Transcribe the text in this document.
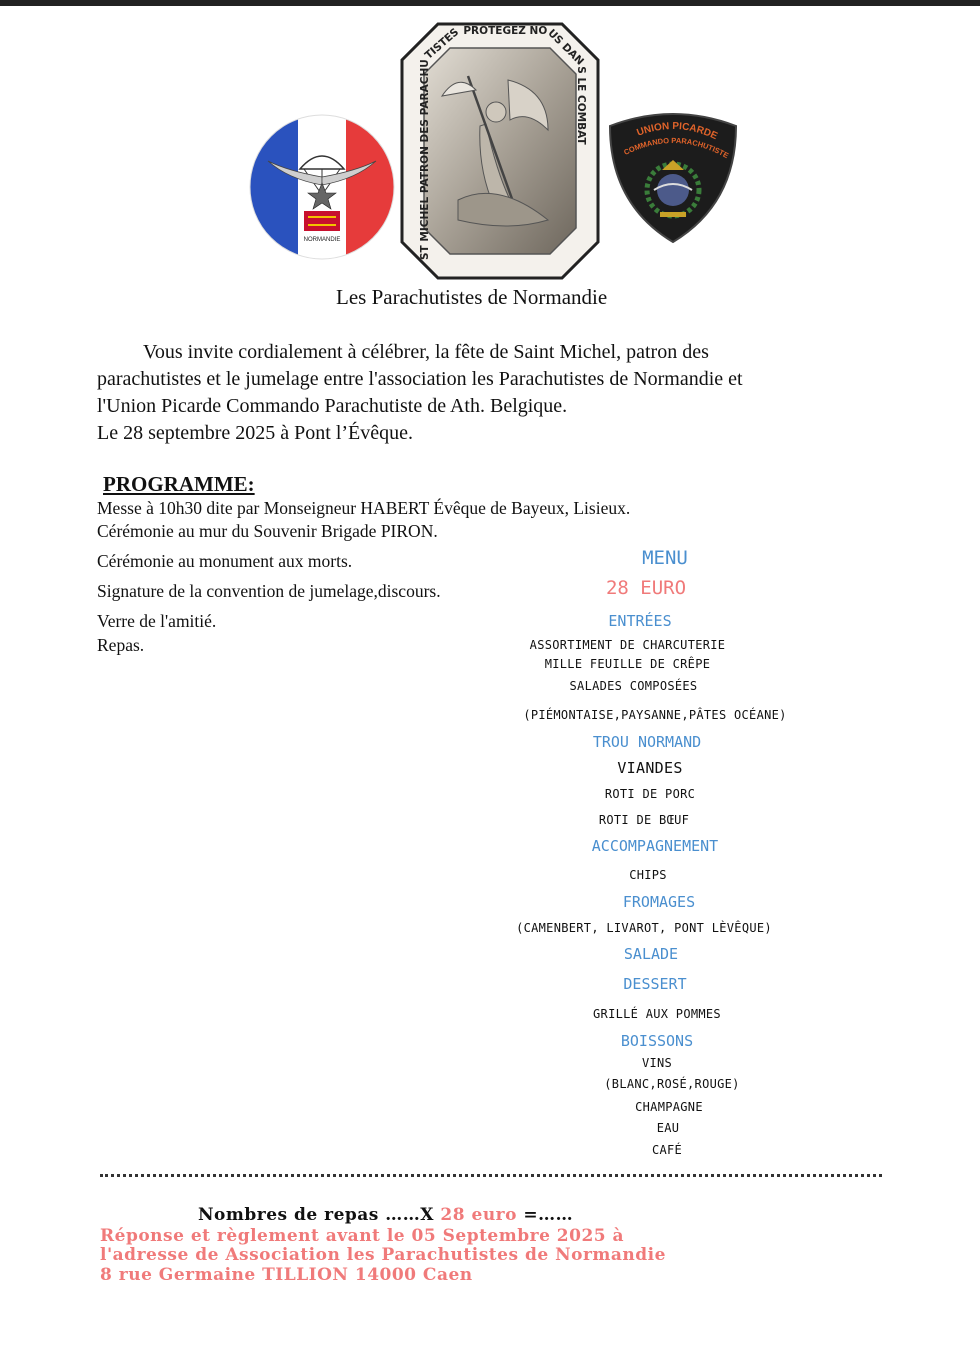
LES
NORMANDIE
ST MICHEL PATRON DES PARACHUTISTES PROTÉGEZ NOUS DANS LE COMBAT
UNION PICARDE
COMMANDO PARACHUTISTE
Les Parachutistes de Normandie
Vous invite cordialement à célébrer, la fête de Saint Michel, patron des
parachutistes et le jumelage entre l'association les Parachutistes de Normandie et
l'Union Picarde Commando Parachutiste de Ath. Belgique.
Le 28 septembre 2025 à Pont l’Évêque.
PROGRAMME:
Messe à 10h30 dite par Monseigneur HABERT Évêque de Bayeux, Lisieux.
Cérémonie au mur du Souvenir Brigade PIRON.
Cérémonie au monument aux morts.
Signature de la convention de jumelage,discours.
Verre de l'amitié.
Repas.
MENU
28 EURO
ENTRÉES
ASSORTIMENT DE CHARCUTERIE
MILLE FEUILLE DE CRÊPE
SALADES COMPOSÉES
(PIÉMONTAISE,PAYSANNE,PÂTES OCÉANE)
TROU NORMAND
VIANDES
ROTI DE PORC
ROTI DE BŒUF
ACCOMPAGNEMENT
CHIPS
FROMAGES
(CAMENBERT, LIVAROT, PONT LÈVÊQUE)
SALADE
DESSERT
GRILLÉ AUX POMMES
BOISSONS
VINS
(BLANC,ROSÉ,ROUGE)
CHAMPAGNE
EAU
CAFÉ
Nombres de repas ……X 28 euro =……
Réponse et règlement avant le 05 Septembre 2025 à
l'adresse de Association les Parachutistes de Normandie
8 rue Germaine TILLION 14000 Caen
